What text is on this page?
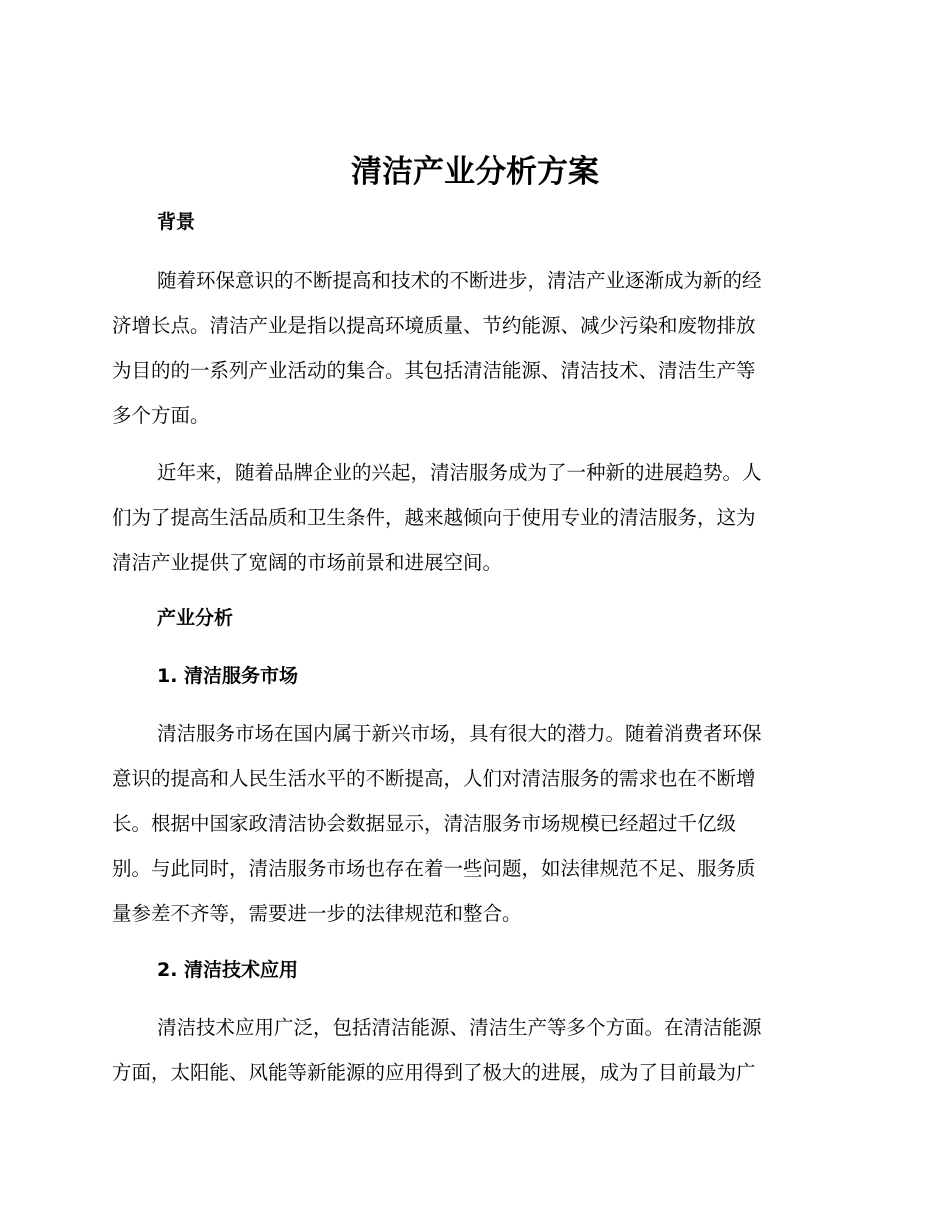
清洁产业分析方案
背景
随着环保意识的不断提高和技术的不断进步，清洁产业逐渐成为新的经
济增长点。清洁产业是指以提高环境质量、节约能源、减少污染和废物排放
为目的的一系列产业活动的集合。其包括清洁能源、清洁技术、清洁生产等
多个方面。
近年来，随着品牌企业的兴起，清洁服务成为了一种新的进展趋势。人
们为了提高生活品质和卫生条件，越来越倾向于使用专业的清洁服务，这为
清洁产业提供了宽阔的市场前景和进展空间。
产业分析
1. 清洁服务市场
清洁服务市场在国内属于新兴市场，具有很大的潜力。随着消费者环保
意识的提高和人民生活水平的不断提高，人们对清洁服务的需求也在不断增
长。根据中国家政清洁协会数据显示，清洁服务市场规模已经超过千亿级
别。与此同时，清洁服务市场也存在着一些问题，如法律规范不足、服务质
量参差不齐等，需要进一步的法律规范和整合。
2. 清洁技术应用
清洁技术应用广泛，包括清洁能源、清洁生产等多个方面。在清洁能源
方面，太阳能、风能等新能源的应用得到了极大的进展，成为了目前最为广
